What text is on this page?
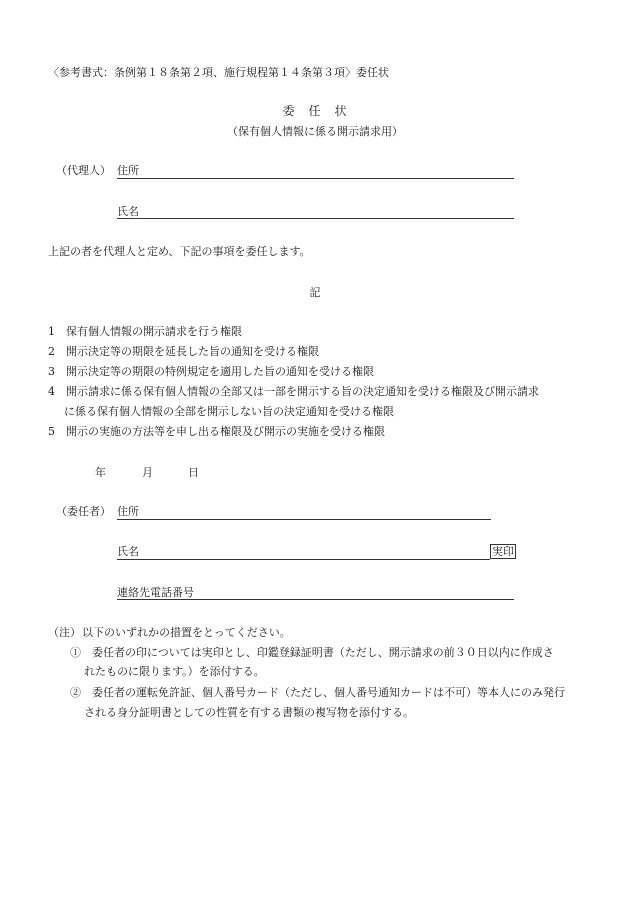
〈参考書式：条例第１８条第２項、施行規程第１４条第３項〉委任状
委　任　状
（保有個人情報に係る開示請求用）
（代理人） 住所
氏名
上記の者を代理人と定め、下記の事項を委任します。
記
1　保有個人情報の開示請求を行う権限
2　開示決定等の期限を延長した旨の通知を受ける権限
3　開示決定等の期限の特例規定を適用した旨の通知を受ける権限
4　開示請求に係る保有個人情報の全部又は一部を開示する旨の決定通知を受ける権限及び開示請求
に係る保有個人情報の全部を開示しない旨の決定通知を受ける権限
5　開示の実施の方法等を申し出る権限及び開示の実施を受ける権限
年	月	日
（委任者） 住所
氏名	実印
連絡先電話番号
（注） 以下のいずれかの措置をとってください。
①　委任者の印については実印とし、印鑑登録証明書（ただし、開示請求の前３０日以内に作成さ
れたものに限ります。）を添付する。
②　委任者の運転免許証、個人番号カード（ただし、個人番号通知カードは不可）等本人にのみ発行
される身分証明書としての性質を有する書類の複写物を添付する。
